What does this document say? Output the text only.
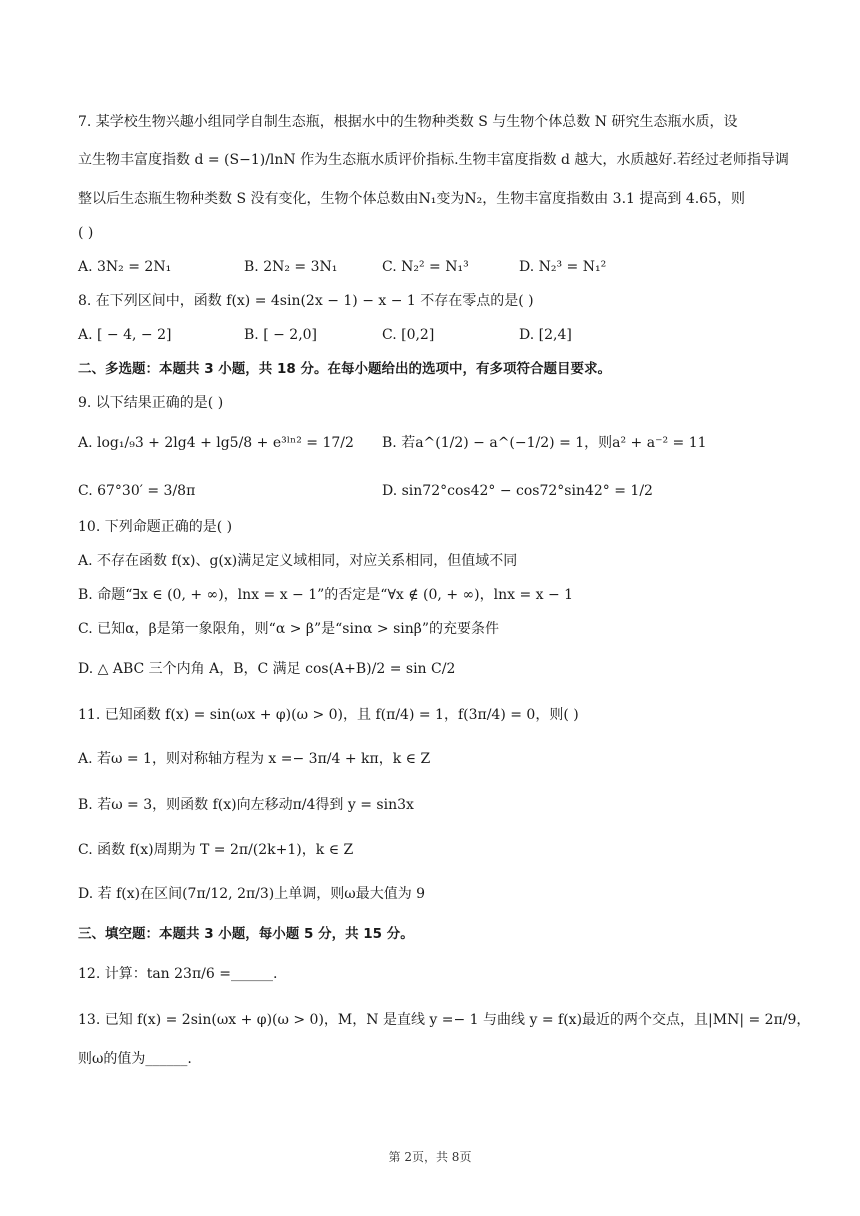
7. 某学校生物兴趣小组同学自制生态瓶，根据水中的生物种类数 S 与生物个体总数 N 研究生态瓶水质，设
立生物丰富度指数 d = (S−1)/lnN 作为生态瓶水质评价指标.生物丰富度指数 d 越大，水质越好.若经过老师指导调
整以后生态瓶生物种类数 S 没有变化，生物个体总数由N₁变为N₂，生物丰富度指数由 3.1 提高到 4.65，则
( )
A. 3N₂ = 2N₁	B. 2N₂ = 3N₁	C. N₂² = N₁³	D. N₂³ = N₁²
8. 在下列区间中，函数 f(x) = 4sin(2x − 1) − x − 1 不存在零点的是( )
A. [ − 4, − 2]	B. [ − 2,0]	C. [0,2]	D. [2,4]
二、多选题：本题共 3 小题，共 18 分。在每小题给出的选项中，有多项符合题目要求。
9. 以下结果正确的是( )
A. log₁/₉3 + 2lg4 + lg5/8 + e³ˡⁿ² = 17/2 B. 若a^(1/2) − a^(−1/2) = 1，则a² + a⁻² = 11
C. 67°30′ = 3/8π	D. sin72°cos42° − cos72°sin42° = 1/2
10. 下列命题正确的是( )
A. 不存在函数 f(x)、g(x)满足定义域相同，对应关系相同，但值域不同
B. 命题“∃x ∈ (0, + ∞)，lnx = x − 1”的否定是“∀x ∉ (0, + ∞)，lnx = x − 1
C. 已知α，β是第一象限角，则“α > β”是“sinα > sinβ”的充要条件
D. △ ABC 三个内角 A，B，C 满足 cos(A+B)/2 = sin C/2
11. 已知函数 f(x) = sin(ωx + φ)(ω > 0)，且 f(π/4) = 1，f(3π/4) = 0，则( )
A. 若ω = 1，则对称轴方程为 x =− 3π/4 + kπ，k ∈ Z
B. 若ω = 3，则函数 f(x)向左移动π/4得到 y = sin3x
C. 函数 f(x)周期为 T = 2π/(2k+1)，k ∈ Z
D. 若 f(x)在区间(7π/12, 2π/3)上单调，则ω最大值为 9
三、填空题：本题共 3 小题，每小题 5 分，共 15 分。
12. 计算：tan 23π/6 =______.
13. 已知 f(x) = 2sin(ωx + φ)(ω > 0)，M，N 是直线 y =− 1 与曲线 y = f(x)最近的两个交点，且|MN| = 2π/9，
则ω的值为______.
第 2页，共 8页
